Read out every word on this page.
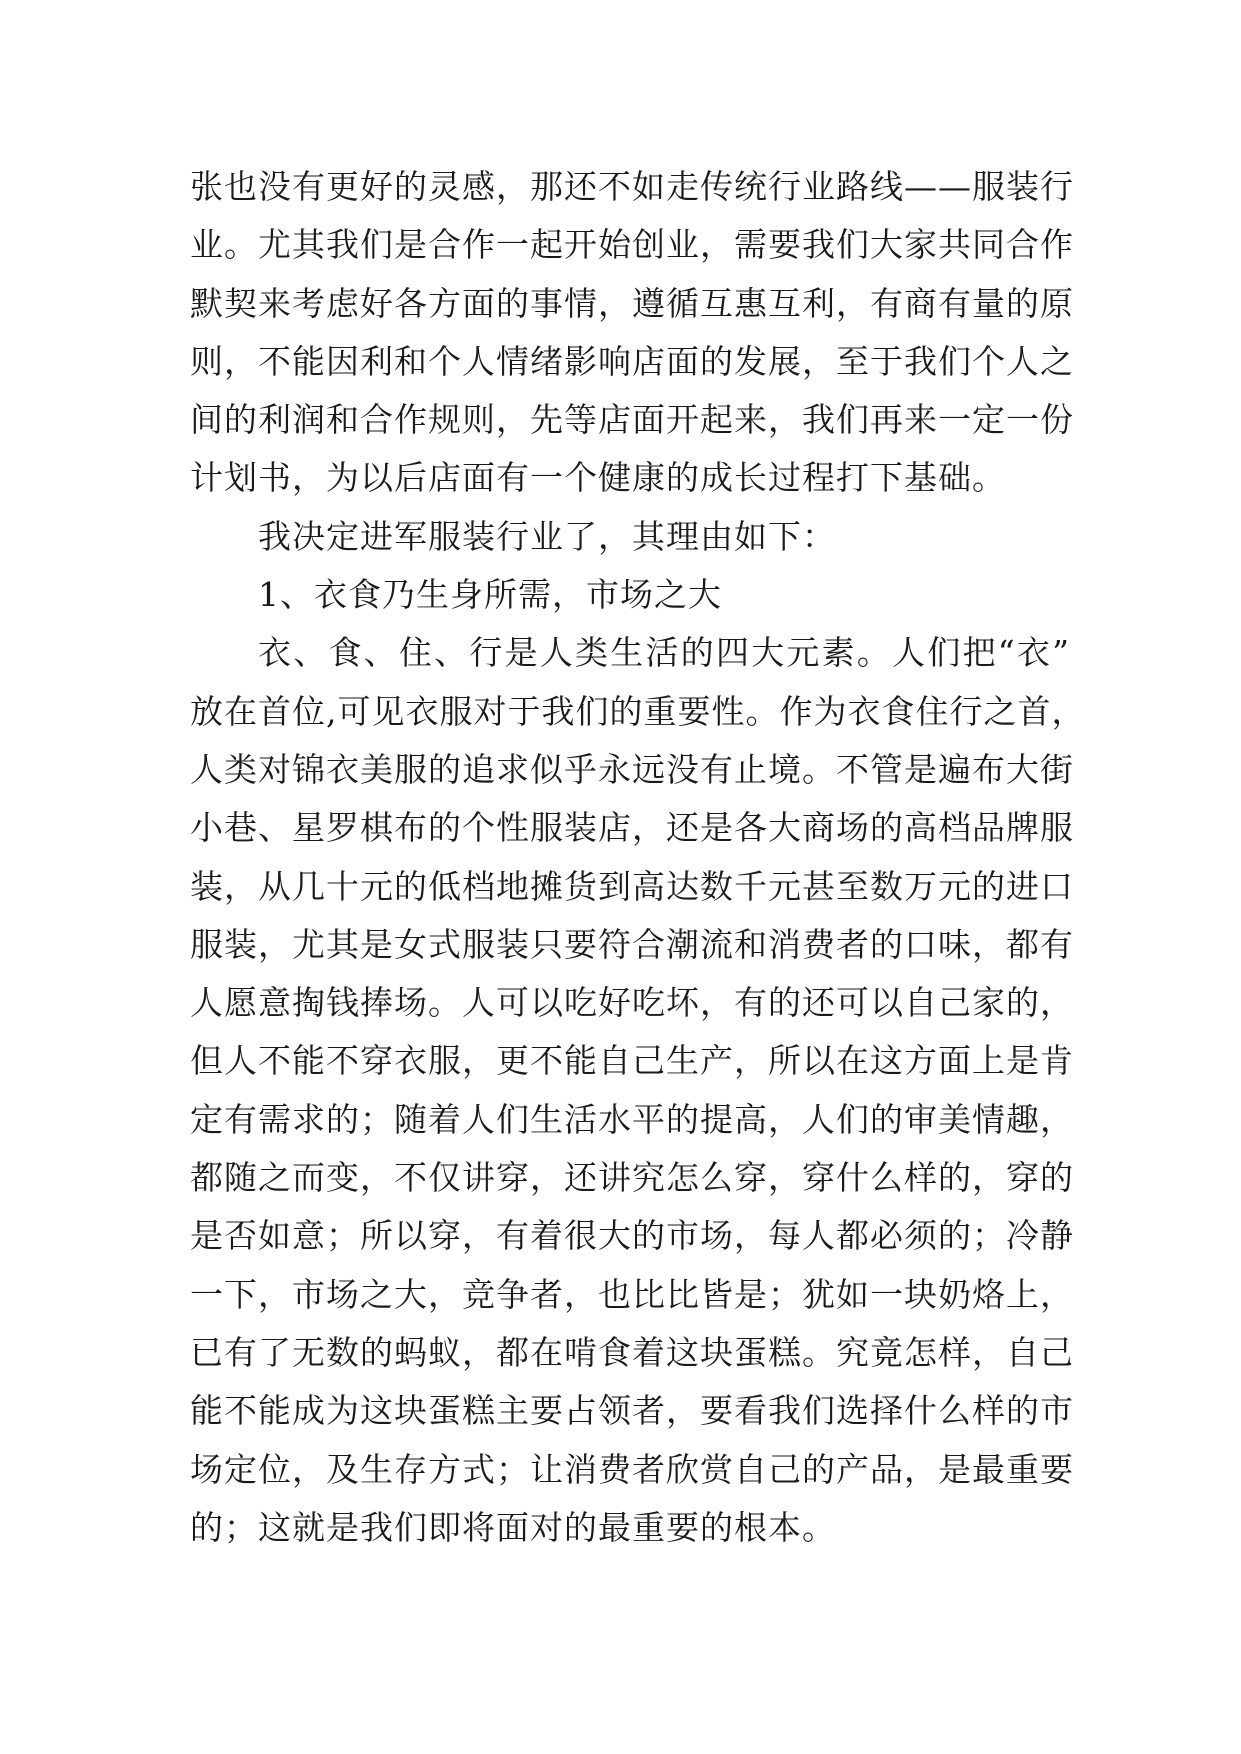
张也没有更好的灵感，那还不如走传统行业路线——服装行
业。尤其我们是合作一起开始创业，需要我们大家共同合作
默契来考虑好各方面的事情，遵循互惠互利，有商有量的原
则，不能因利和个人情绪影响店面的发展，至于我们个人之
间的利润和合作规则，先等店面开起来，我们再来一定一份
计划书，为以后店面有一个健康的成长过程打下基础。
我决定进军服装行业了，其理由如下：
1、衣食乃生身所需，市场之大
衣、食、住、行是人类生活的四大元素。人们把“衣”
放在首位,可见衣服对于我们的重要性。作为衣食住行之首，
人类对锦衣美服的追求似乎永远没有止境。不管是遍布大街
小巷、星罗棋布的个性服装店，还是各大商场的高档品牌服
装，从几十元的低档地摊货到高达数千元甚至数万元的进口
服装，尤其是女式服装只要符合潮流和消费者的口味，都有
人愿意掏钱捧场。人可以吃好吃坏，有的还可以自己家的，
但人不能不穿衣服，更不能自己生产，所以在这方面上是肯
定有需求的；随着人们生活水平的提高，人们的审美情趣，
都随之而变，不仅讲穿，还讲究怎么穿，穿什么样的，穿的
是否如意；所以穿，有着很大的市场，每人都必须的；冷静
一下，市场之大，竞争者，也比比皆是；犹如一块奶烙上，
已有了无数的蚂蚁，都在啃食着这块蛋糕。究竟怎样，自己
能不能成为这块蛋糕主要占领者，要看我们选择什么样的市
场定位，及生存方式；让消费者欣赏自己的产品，是最重要
的；这就是我们即将面对的最重要的根本。
